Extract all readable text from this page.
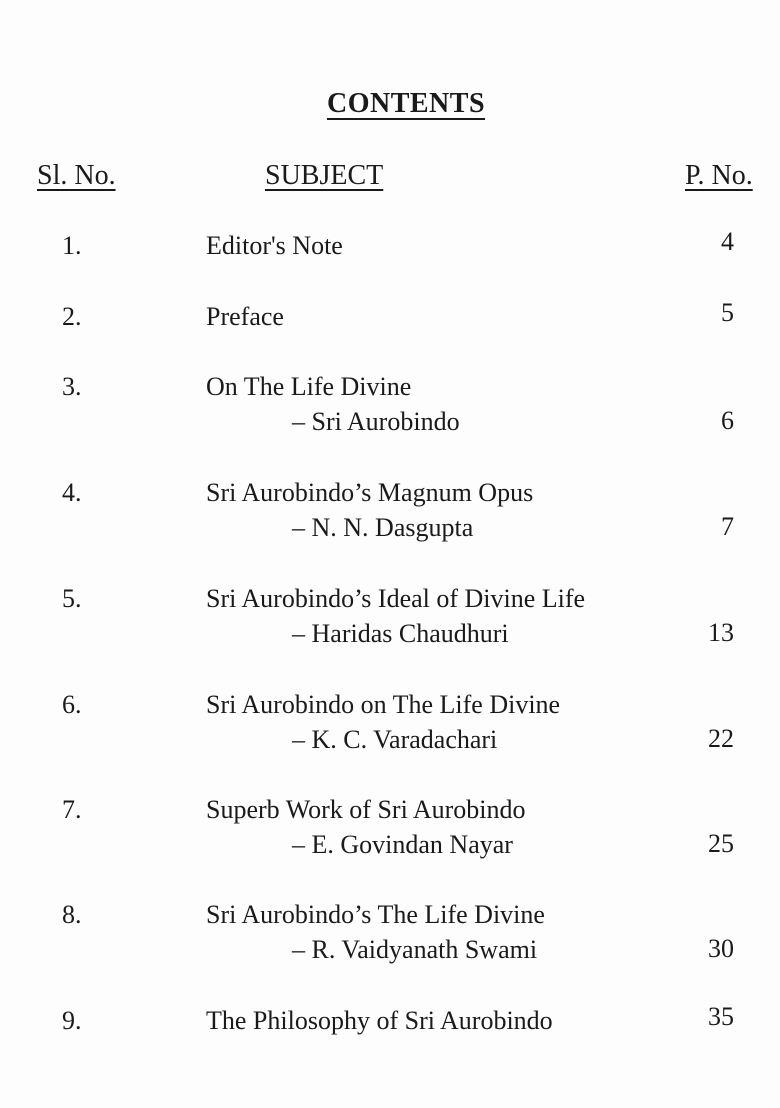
CONTENTS
Sl. No.	SUBJECT	P. No.
1.	Editor's Note	4
2.	Preface	5
3.	On The Life Divine
– Sri Aurobindo	6
4.	Sri Aurobindo’s Magnum Opus
– N. N. Dasgupta	7
5.	Sri Aurobindo’s Ideal of Divine Life
– Haridas Chaudhuri	13
6.	Sri Aurobindo on The Life Divine
– K. C. Varadachari	22
7.	Superb Work of Sri Aurobindo
– E. Govindan Nayar	25
8.	Sri Aurobindo’s The Life Divine
– R. Vaidyanath Swami	30
9.	The Philosophy of Sri Aurobindo	35
